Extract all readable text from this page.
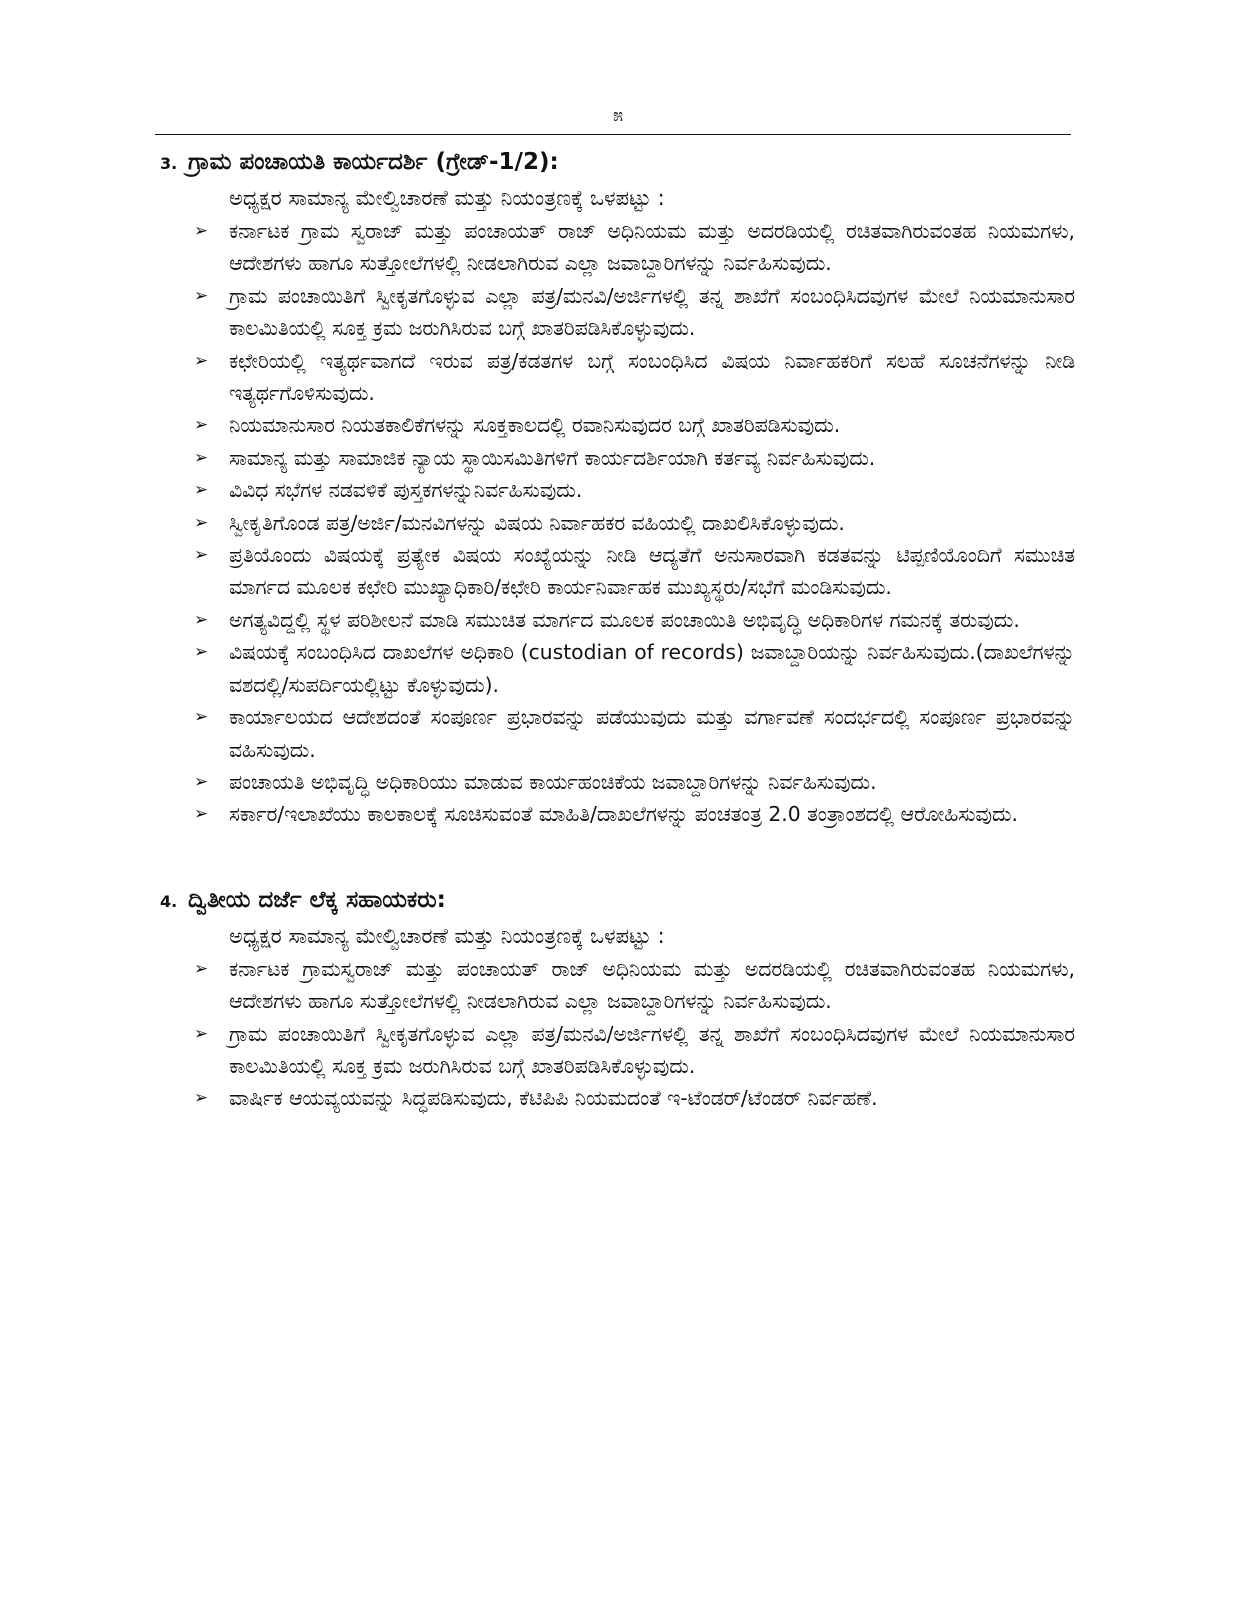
೫
3. ಗ್ರಾಮ ಪಂಚಾಯತಿ ಕಾರ್ಯದರ್ಶಿ (ಗ್ರೇಡ್-1/2):
ಅಧ್ಯಕ್ಷರ ಸಾಮಾನ್ಯ ಮೇಲ್ವಿಚಾರಣೆ ಮತ್ತು ನಿಯಂತ್ರಣಕ್ಕೆ ಒಳಪಟ್ಟು :
➢ ಕರ್ನಾಟಕ ಗ್ರಾಮ ಸ್ವರಾಜ್ ಮತ್ತು ಪಂಚಾಯತ್ ರಾಜ್ ಅಧಿನಿಯಮ ಮತ್ತು ಅದರಡಿಯಲ್ಲಿ ರಚಿತವಾಗಿರುವಂತಹ ನಿಯಮಗಳು, ಆದೇಶಗಳು ಹಾಗೂ ಸುತ್ತೋಲೆಗಳಲ್ಲಿ ನೀಡಲಾಗಿರುವ ಎಲ್ಲಾ ಜವಾಬ್ದಾರಿಗಳನ್ನು ನಿರ್ವಹಿಸುವುದು.
➢ ಗ್ರಾಮ ಪಂಚಾಯಿತಿಗೆ ಸ್ವೀಕೃತಗೊಳ್ಳುವ ಎಲ್ಲಾ ಪತ್ರ/ಮನವಿ/ಅರ್ಜಿಗಳಲ್ಲಿ ತನ್ನ ಶಾಖೆಗೆ ಸಂಬಂಧಿಸಿದವುಗಳ ಮೇಲೆ ನಿಯಮಾನುಸಾರ ಕಾಲಮಿತಿಯಲ್ಲಿ ಸೂಕ್ತ ಕ್ರಮ ಜರುಗಿಸಿರುವ ಬಗ್ಗೆ ಖಾತರಿಪಡಿಸಿಕೊಳ್ಳುವುದು.
➢ ಕಛೇರಿಯಲ್ಲಿ ಇತ್ಯರ್ಥವಾಗದೆ ಇರುವ ಪತ್ರ/ಕಡತಗಳ ಬಗ್ಗೆ ಸಂಬಂಧಿಸಿದ ವಿಷಯ ನಿರ್ವಾಹಕರಿಗೆ ಸಲಹೆ ಸೂಚನೆಗಳನ್ನು ನೀಡಿ ಇತ್ಯರ್ಥಗೊಳಿಸುವುದು.
➢ ನಿಯಮಾನುಸಾರ ನಿಯತಕಾಲಿಕೆಗಳನ್ನು ಸೂಕ್ತಕಾಲದಲ್ಲಿ ರವಾನಿಸುವುದರ ಬಗ್ಗೆ ಖಾತರಿಪಡಿಸುವುದು.
➢ ಸಾಮಾನ್ಯ ಮತ್ತು ಸಾಮಾಜಿಕ ನ್ಯಾಯ ಸ್ಥಾಯಿಸಮಿತಿಗಳಿಗೆ ಕಾರ್ಯದರ್ಶಿಯಾಗಿ ಕರ್ತವ್ಯ ನಿರ್ವಹಿಸುವುದು.
➢ ವಿವಿಧ ಸಭೆಗಳ ನಡವಳಿಕೆ ಪುಸ್ತಕಗಳನ್ನುನಿರ್ವಹಿಸುವುದು.
➢ ಸ್ವೀಕೃತಿಗೊಂಡ ಪತ್ರ/ಅರ್ಜಿ/ಮನವಿಗಳನ್ನು ವಿಷಯ ನಿರ್ವಾಹಕರ ವಹಿಯಲ್ಲಿ ದಾಖಲಿಸಿಕೊಳ್ಳುವುದು.
➢ ಪ್ರತಿಯೊಂದು ವಿಷಯಕ್ಕೆ ಪ್ರತ್ಯೇಕ ವಿಷಯ ಸಂಖ್ಯೆಯನ್ನು ನೀಡಿ ಆದ್ಯತೆಗೆ ಅನುಸಾರವಾಗಿ ಕಡತವನ್ನು ಟಿಪ್ಪಣಿಯೊಂದಿಗೆ ಸಮುಚಿತ ಮಾರ್ಗದ ಮೂಲಕ ಕಛೇರಿ ಮುಖ್ಯಾಧಿಕಾರಿ/ಕಛೇರಿ ಕಾರ್ಯನಿರ್ವಾಹಕ ಮುಖ್ಯಸ್ಥರು/ಸಭೆಗೆ ಮಂಡಿಸುವುದು.
➢ ಅಗತ್ಯವಿದ್ದಲ್ಲಿ ಸ್ಥಳ ಪರಿಶೀಲನೆ ಮಾಡಿ ಸಮುಚಿತ ಮಾರ್ಗದ ಮೂಲಕ ಪಂಚಾಯಿತಿ ಅಭಿವೃದ್ಧಿ ಅಧಿಕಾರಿಗಳ ಗಮನಕ್ಕೆ ತರುವುದು.
➢ ವಿಷಯಕ್ಕೆ ಸಂಬಂಧಿಸಿದ ದಾಖಲೆಗಳ ಅಧಿಕಾರಿ (custodian of records) ಜವಾಬ್ದಾರಿಯನ್ನು ನಿರ್ವಹಿಸುವುದು.(ದಾಖಲೆಗಳನ್ನು ವಶದಲ್ಲಿ/ಸುಪರ್ದಿಯಲ್ಲಿಟ್ಟು ಕೊಳ್ಳುವುದು).
➢ ಕಾರ್ಯಾಲಯದ ಆದೇಶದಂತೆ ಸಂಪೂರ್ಣ ಪ್ರಭಾರವನ್ನು ಪಡೆಯುವುದು ಮತ್ತು ವರ್ಗಾವಣೆ ಸಂದರ್ಭದಲ್ಲಿ ಸಂಪೂರ್ಣ ಪ್ರಭಾರವನ್ನು ವಹಿಸುವುದು.
➢ ಪಂಚಾಯತಿ ಅಭಿವೃದ್ಧಿ ಅಧಿಕಾರಿಯು ಮಾಡುವ ಕಾರ್ಯಹಂಚಿಕೆಯ ಜವಾಬ್ದಾರಿಗಳನ್ನು ನಿರ್ವಹಿಸುವುದು.
➢ ಸರ್ಕಾರ/ಇಲಾಖೆಯು ಕಾಲಕಾಲಕ್ಕೆ ಸೂಚಿಸುವಂತೆ ಮಾಹಿತಿ/ದಾಖಲೆಗಳನ್ನು ಪಂಚತಂತ್ರ 2.0 ತಂತ್ರಾಂಶದಲ್ಲಿ ಆರೋಹಿಸುವುದು.
4. ದ್ವಿತೀಯ ದರ್ಜೆ ಲೆಕ್ಕ ಸಹಾಯಕರು:
ಅಧ್ಯಕ್ಷರ ಸಾಮಾನ್ಯ ಮೇಲ್ವಿಚಾರಣೆ ಮತ್ತು ನಿಯಂತ್ರಣಕ್ಕೆ ಒಳಪಟ್ಟು :
➢ ಕರ್ನಾಟಕ ಗ್ರಾಮಸ್ವರಾಜ್ ಮತ್ತು ಪಂಚಾಯತ್ ರಾಜ್ ಅಧಿನಿಯಮ ಮತ್ತು ಅದರಡಿಯಲ್ಲಿ ರಚಿತವಾಗಿರುವಂತಹ ನಿಯಮಗಳು, ಆದೇಶಗಳು ಹಾಗೂ ಸುತ್ತೋಲೆಗಳಲ್ಲಿ ನೀಡಲಾಗಿರುವ ಎಲ್ಲಾ ಜವಾಬ್ದಾರಿಗಳನ್ನು ನಿರ್ವಹಿಸುವುದು.
➢ ಗ್ರಾಮ ಪಂಚಾಯಿತಿಗೆ ಸ್ವೀಕೃತಗೊಳ್ಳುವ ಎಲ್ಲಾ ಪತ್ರ/ಮನವಿ/ಅರ್ಜಿಗಳಲ್ಲಿ ತನ್ನ ಶಾಖೆಗೆ ಸಂಬಂಧಿಸಿದವುಗಳ ಮೇಲೆ ನಿಯಮಾನುಸಾರ ಕಾಲಮಿತಿಯಲ್ಲಿ ಸೂಕ್ತ ಕ್ರಮ ಜರುಗಿಸಿರುವ ಬಗ್ಗೆ ಖಾತರಿಪಡಿಸಿಕೊಳ್ಳುವುದು.
➢ ವಾರ್ಷಿಕ ಆಯವ್ಯಯವನ್ನು ಸಿದ್ಧಪಡಿಸುವುದು, ಕೆಟಿಪಿಪಿ ನಿಯಮದಂತೆ ಇ-ಟೆಂಡರ್/ಟೆಂಡರ್ ನಿರ್ವಹಣೆ.
